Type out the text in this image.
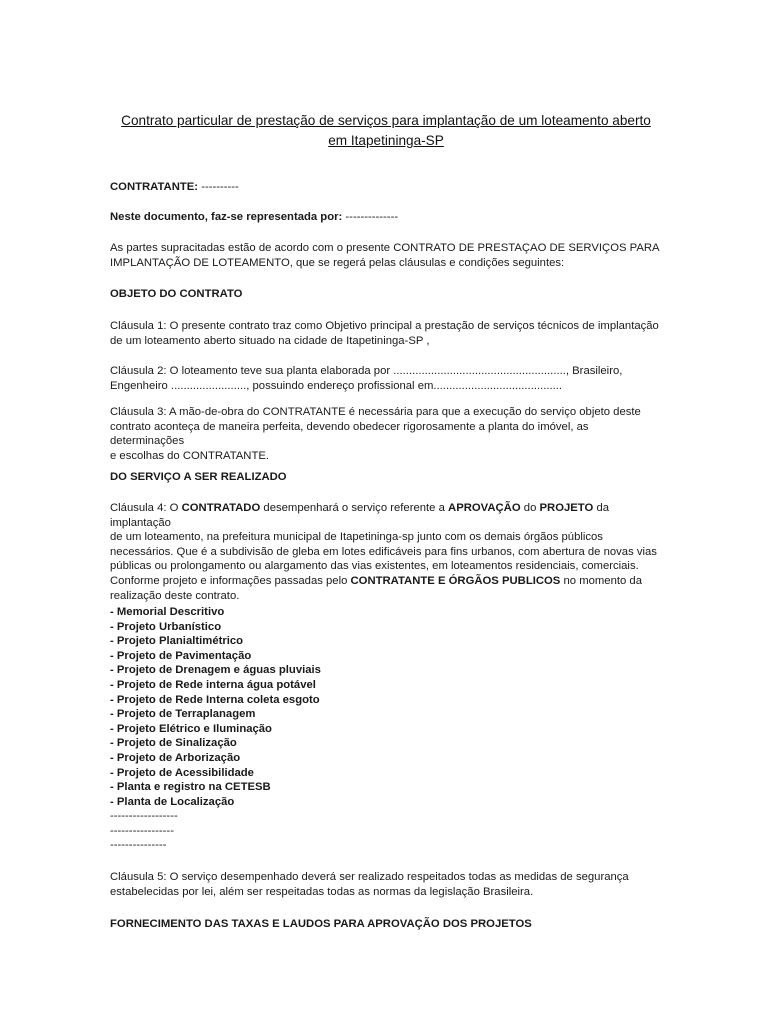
Contrato particular de prestação de serviços para implantação de um loteamento aberto
em Itapetininga-SP

CONTRATANTE: ----------

Neste documento, faz-se representada por: --------------

As partes supracitadas estão de acordo com o presente CONTRATO DE PRESTAÇAO DE SERVIÇOS PARA
IMPLANTAÇÃO DE LOTEAMENTO, que se regerá pelas cláusulas e condições seguintes:

OBJETO DO CONTRATO

Cláusula 1: O presente contrato traz como Objetivo principal a prestação de serviços técnicos de implantação
de um loteamento aberto situado na cidade de Itapetininga-SP ,

Cláusula 2: O loteamento teve sua planta elaborada por ......................................................., Brasileiro,
Engenheiro ........................, possuindo endereço profissional em.........................................

Cláusula 3: A mão-de-obra do CONTRATANTE é necessária para que a execução do serviço objeto deste
contrato aconteça de maneira perfeita, devendo obedecer rigorosamente a planta do imóvel, as determinações
e escolhas do CONTRATANTE.

DO SERVIÇO A SER REALIZADO

Cláusula 4: O CONTRATADO desempenhará o serviço referente a APROVAÇÃO do PROJETO da implantação
de um loteamento, na prefeitura municipal de Itapetininga-sp junto com os demais órgãos públicos
necessários. Que é a subdivisão de gleba em lotes edificáveis para fins urbanos, com abertura de novas vias
públicas ou prolongamento ou alargamento das vias existentes, em loteamentos residenciais, comerciais.
Conforme projeto e informações passadas pelo CONTRATANTE E ÓRGÃOS PUBLICOS no momento da
realização deste contrato.

- Memorial Descritivo
- Projeto Urbanístico
- Projeto Planialtimétrico
- Projeto de Pavimentação
- Projeto de Drenagem e águas pluviais
- Projeto de Rede interna água potável
- Projeto de Rede Interna coleta esgoto
- Projeto de Terraplanagem
- Projeto Elétrico e Iluminação
- Projeto de Sinalização
- Projeto de Arborização
- Projeto de Acessibilidade
- Planta e registro na CETESB
- Planta de Localização
------------------
-----------------
---------------

Cláusula 5: O serviço desempenhado deverá ser realizado respeitados todas as medidas de segurança
estabelecidas por lei, além ser respeitadas todas as normas da legislação Brasileira.

FORNECIMENTO DAS TAXAS E LAUDOS PARA APROVAÇÃO DOS PROJETOS
